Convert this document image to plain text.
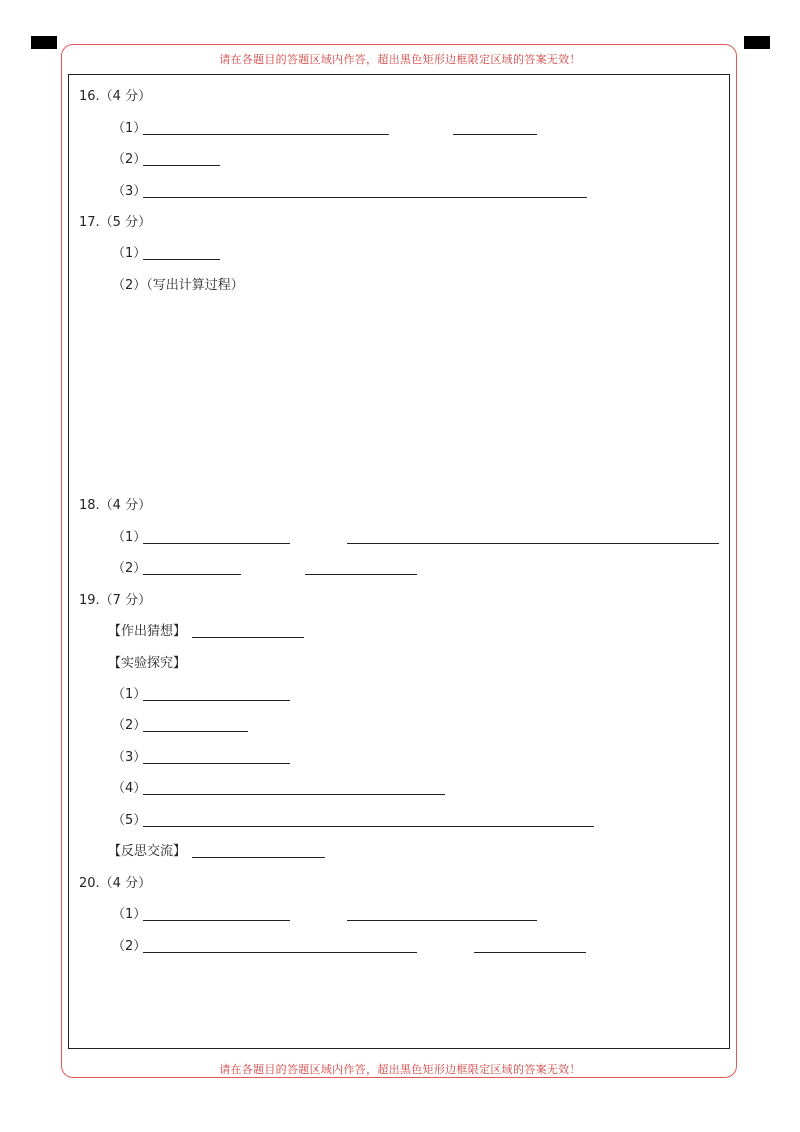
请在各题目的答题区域内作答，超出黑色矩形边框限定区域的答案无效！
请在各题目的答题区域内作答，超出黑色矩形边框限定区域的答案无效！
16.（4 分）
（1）
（2）
（3）
17.（5 分）
（1）
（2）（写出计算过程）
18.（4 分）
（1）
（2）
19.（7 分）
【作出猜想】
【实验探究】
（1）
（2）
（3）
（4）
（5）
【反思交流】
20.（4 分）
（1）
（2）
